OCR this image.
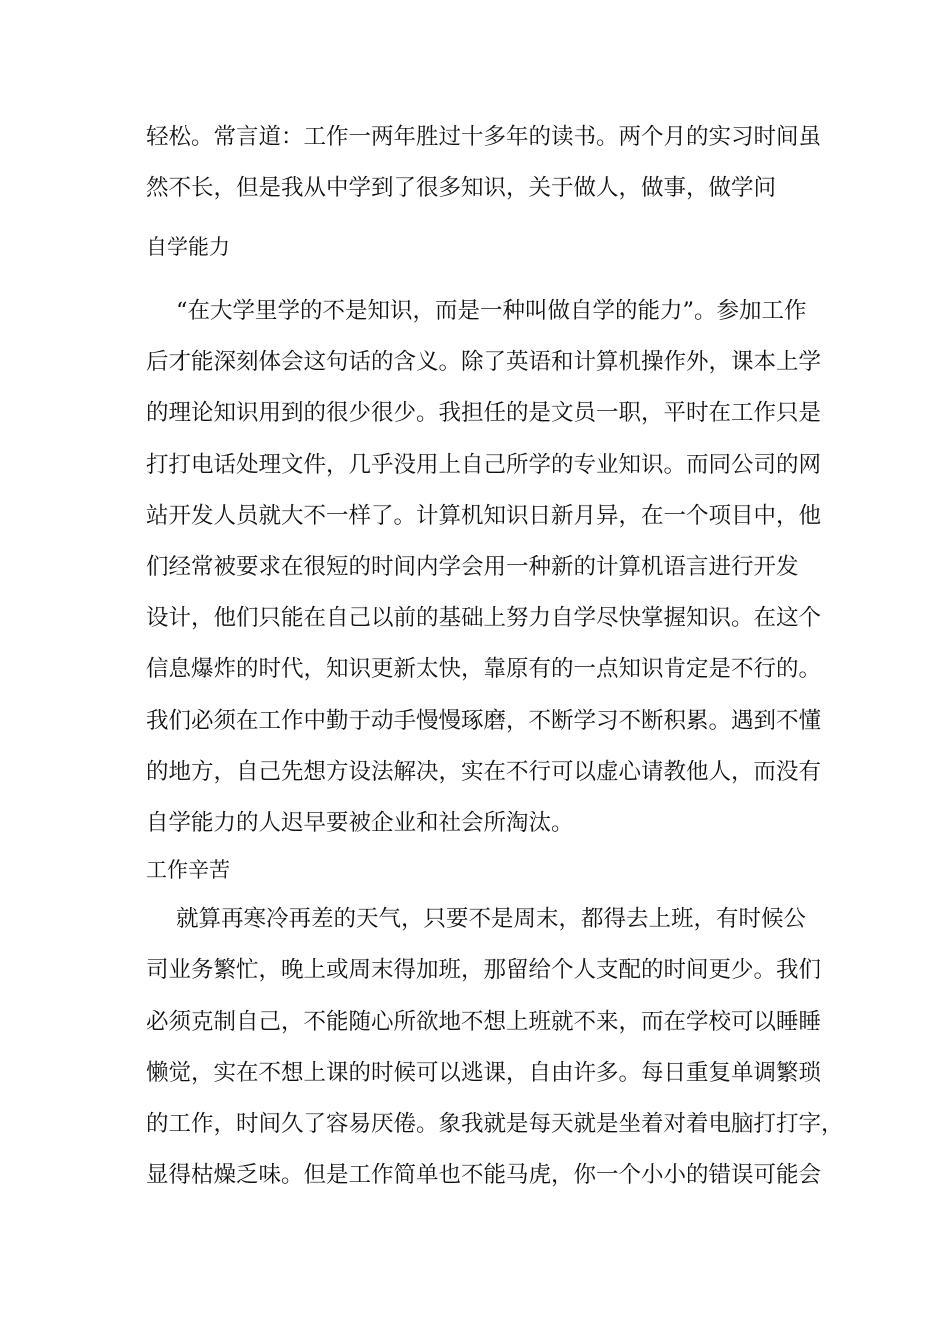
轻松。常言道：工作一两年胜过十多年的读书。两个月的实习时间虽
然不长，但是我从中学到了很多知识，关于做人，做事，做学问
自学能力
“在大学里学的不是知识，而是一种叫做自学的能力”。参加工作
后才能深刻体会这句话的含义。除了英语和计算机操作外，课本上学
的理论知识用到的很少很少。我担任的是文员一职，平时在工作只是
打打电话处理文件，几乎没用上自己所学的专业知识。而同公司的网
站开发人员就大不一样了。计算机知识日新月异，在一个项目中，他
们经常被要求在很短的时间内学会用一种新的计算机语言进行开发
设计，他们只能在自己以前的基础上努力自学尽快掌握知识。在这个
信息爆炸的时代，知识更新太快，靠原有的一点知识肯定是不行的。
我们必须在工作中勤于动手慢慢琢磨，不断学习不断积累。遇到不懂
的地方，自己先想方设法解决，实在不行可以虚心请教他人，而没有
自学能力的人迟早要被企业和社会所淘汰。
工作辛苦
就算再寒冷再差的天气，只要不是周末，都得去上班，有时候公
司业务繁忙，晚上或周末得加班，那留给个人支配的时间更少。我们
必须克制自己，不能随心所欲地不想上班就不来，而在学校可以睡睡
懒觉，实在不想上课的时候可以逃课，自由许多。每日重复单调繁琐
的工作，时间久了容易厌倦。象我就是每天就是坐着对着电脑打打字，
显得枯燥乏味。但是工作简单也不能马虎，你一个小小的错误可能会
